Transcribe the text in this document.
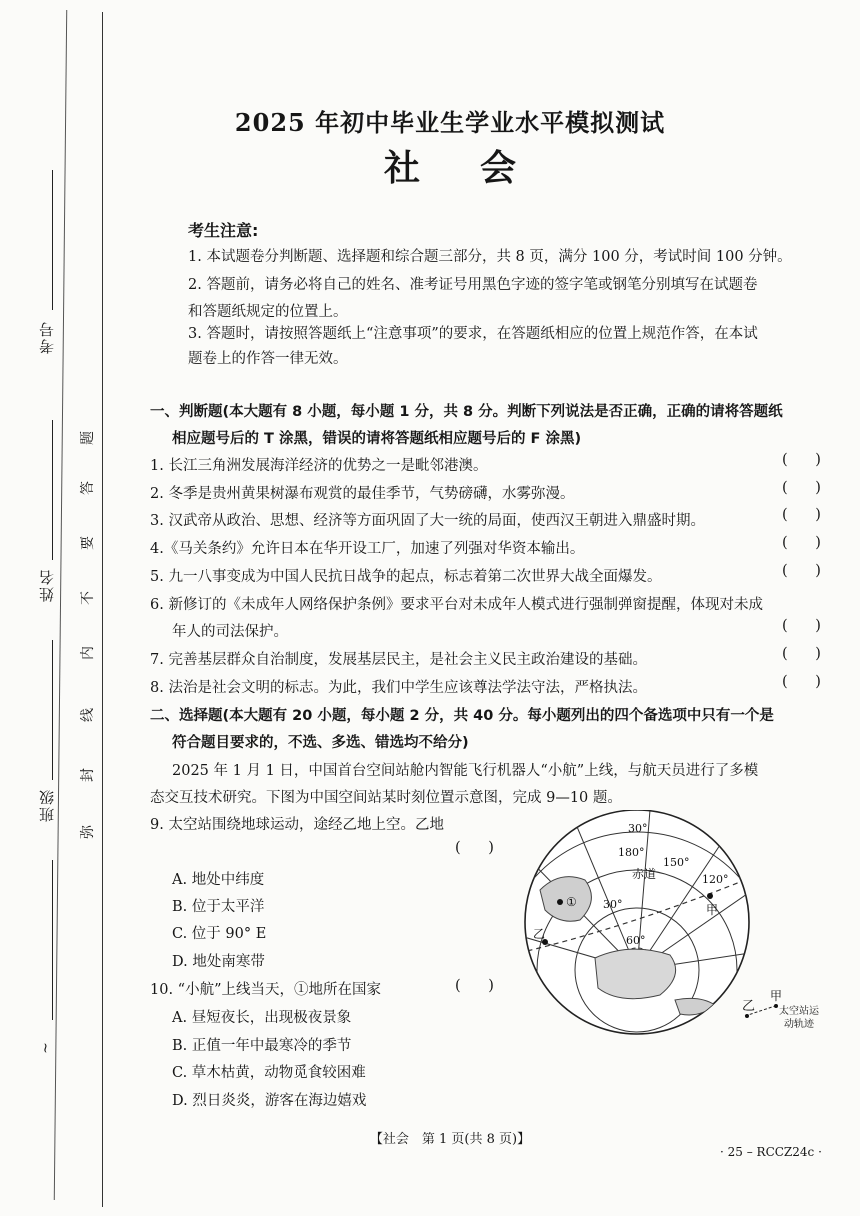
考号
姓名
班级
~
题
答
要
不
内
线
封
弥
2025 年初中毕业生学业水平模拟测试
社会
考生注意:
1. 本试题卷分判断题、选择题和综合题三部分，共 8 页，满分 100 分，考试时间 100 分钟。
2. 答题前，请务必将自己的姓名、准考证号用黑色字迹的签字笔或钢笔分别填写在试题卷
和答题纸规定的位置上。
3. 答题时，请按照答题纸上“注意事项”的要求，在答题纸相应的位置上规范作答，在本试
题卷上的作答一律无效。
一、判断题(本大题有 8 小题，每小题 1 分，共 8 分。判断下列说法是否正确，正确的请将答题纸
相应题号后的 T 涂黑，错误的请将答题纸相应题号后的 F 涂黑)
1. 长江三角洲发展海洋经济的优势之一是毗邻港澳。	(      )
2. 冬季是贵州黄果树瀑布观赏的最佳季节，气势磅礴，水雾弥漫。	(      )
3. 汉武帝从政治、思想、经济等方面巩固了大一统的局面，使西汉王朝进入鼎盛时期。	(      )
4.《马关条约》允许日本在华开设工厂，加速了列强对华资本输出。	(      )
5. 九一八事变成为中国人民抗日战争的起点，标志着第二次世界大战全面爆发。	(      )
6. 新修订的《未成年人网络保护条例》要求平台对未成年人模式进行强制弹窗提醒，体现对未成
年人的司法保护。	(      )
7. 完善基层群众自治制度，发展基层民主，是社会主义民主政治建设的基础。	(      )
8. 法治是社会文明的标志。为此，我们中学生应该尊法学法守法，严格执法。	(      )
二、选择题(本大题有 20 小题，每小题 2 分，共 40 分。每小题列出的四个备选项中只有一个是
符合题目要求的，不选、多选、错选均不给分)
2025 年 1 月 1 日，中国首台空间站舱内智能飞行机器人“小航”上线，与航天员进行了多模
态交互技术研究。下图为中国空间站某时刻位置示意图，完成 9—10 题。
9. 太空站围绕地球运动，途经乙地上空。乙地
(      )
A. 地处中纬度
B. 位于太平洋
C. 位于 90° E
D. 地处南寒带
10. “小航”上线当天，①地所在国家	(      )
A. 昼短夜长，出现极夜景象
B. 正值一年中最寒冷的季节
C. 草木枯黄，动物觅食较困难
D. 烈日炎炎，游客在海边嬉戏
30°
180°
150°
赤道	120°
甲
① 30°
乙	60°
乙
甲
太空站运
动轨迹
【社会　第 1 页(共 8 页)】
· 25 – RCCZ24c ·
